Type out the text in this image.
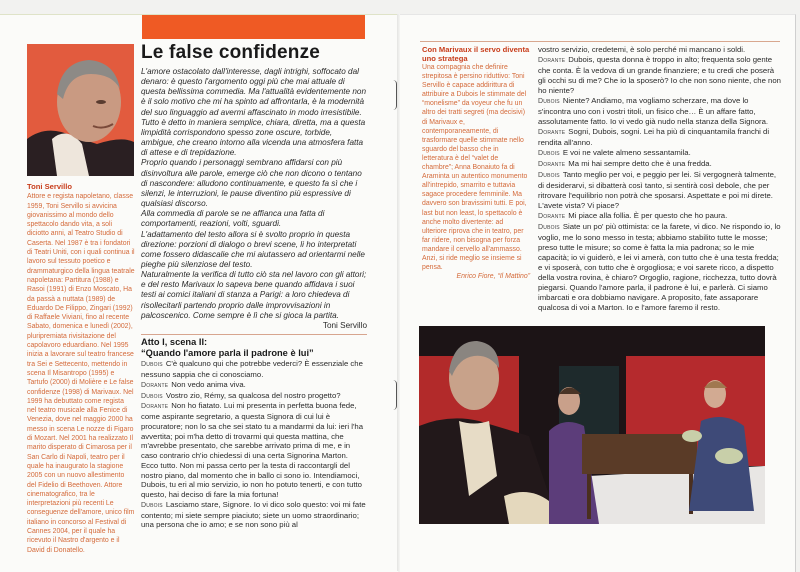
Le false confidenze

L'amore ostacolato dall'interesse, dagli intrighi, soffocato dal denaro: è questo l'argomento oggi più che mai attuale di questa bellissima commedia. Ma l'attualità evidentemente non è il solo motivo che mi ha spinto ad affrontarla, è la modernità del suo linguaggio ad avermi affascinato in modo irresistibile.

Tutto è detto in maniera semplice, chiara, diretta, ma a questa limpidità corrispondono spesso zone oscure, torbide, ambigue, che creano intorno alla vicenda una atmosfera fatta di attese e di trepidazione.

Proprio quando i personaggi sembrano affidarsi con più disinvoltura alle parole, emerge ciò che non dicono o tentano di nascondere: alludono continuamente, e questo fa sì che i silenzi, le interruzioni, le pause diventino più espressive di qualsiasi discorso.

Alla commedia di parole se ne affianca una fatta di comportamenti, reazioni, volti, sguardi.

L'adattamento del testo allora si è svolto proprio in questa direzione: porzioni di dialogo o brevi scene, li ho interpretati come fossero didascalie che mi aiutassero ad orientarmi nelle pieghe più silenziose del testo.

Naturalmente la verifica di tutto ciò sta nel lavoro con gli attori; e del resto Marivaux lo sapeva bene quando affidava i suoi testi ai comici italiani di stanza a Parigi: a loro chiedeva di risollecitarli partendo proprio dalle improvvisazioni in palcoscenico. Come sempre è lì che si gioca la partita.

Toni Servillo

Atto I, scena II:
“Quando l'amore parla il padrone è lui”

Dubois C'è qualcuno qui che potrebbe vederci? È essenziale che nessuno sappia che ci conosciamo.

Dorante Non vedo anima viva.

Dubois Vostro zio, Rémy, sa qualcosa del nostro progetto?

Dorante Non ho fiatato. Lui mi presenta in perfetta buona fede, come aspirante segretario, a questa Signora di cui lui è procuratore; non lo sa che sei stato tu a mandarmi da lui: ieri l'ha avvertita; poi m'ha detto di trovarmi qui questa mattina, che m'avrebbe presentato, che sarebbe arrivato prima di me, e in caso contrario ch'io chiedessi di una certa Signorina Marton. Ecco tutto. Non mi passa certo per la testa di raccontargli del nostro piano, dal momento che in ballo ci sono io. Intendiamoci, Dubois, tu eri al mio servizio, io non ho potuto tenerti, e con tutto questo, hai deciso di fare la mia fortuna!

Dubois Lasciamo stare, Signore. Io vi dico solo questo: voi mi fate contento; mi siete sempre piaciuto; siete un uomo straordinario; una persona che io amo; e se non sono più al

Toni Servillo

Attore e regista napoletano, classe 1959, Toni Servillo si avvicina giovanissimo al mondo dello spettacolo dando vita, a soli diciotto anni, al Teatro Studio di Caserta. Nel 1987 è tra i fondatori di Teatri Uniti, con i quali continua il lavoro sul tessuto poetico e drammaturgico della lingua teatrale napoletana: Partitura (1988) e Rasoi (1991) di Enzo Moscato, Ha da passà a nuttata (1989) de Eduardo De Filippo, Zingari (1992) di Raffaele Viviani, fino al recente Sabato, domenica e lunedì (2002), pluripremiata rivisitazione del capolavoro eduardiano. Nel 1995 inizia a lavorare sul teatro francese tra Sei e Settecento, mettendo in scena Il Misantropo (1995) e Tartufo (2000) di Molière e Le false confidenze (1998) di Marivaux. Nel 1999 ha debuttato come regista nel teatro musicale alla Fenice di Venezia, dove nel maggio 2000 ha messo in scena Le nozze di Figaro di Mozart. Nel 2001 ha realizzato Il marito disperato di Cimarosa per il San Carlo di Napoli, teatro per il quale ha inaugurato la stagione 2005 con un nuovo allestimento del Fidelio di Beethoven. Attore cinematografico, tra le interpretazioni più recenti Le conseguenze dell'amore, unico film italiano in concorso al Festival di Cannes 2004, per il quale ha ricevuto il Nastro d'argento e il David di Donatello.

Con Marivaux il servo diventa uno stratega

Una compagnia che definire strepitosa è persino riduttivo: Toni Servillo è capace addirittura di attribuire a Dubois le stimmate del “monelisme” da voyeur che fu un altro dei tratti segreti (ma decisivi) di Marivaux e, contemporaneamente, di trasformare quelle stimmate nello sguardo del basso che in letteratura è del “valet de chambre”; Anna Bonaiuto fa di Araminta un autentico monumento all'intrepido, smarrito e tuttavia sagace procedere femminile. Ma davvero son bravissimi tutti. E poi, last but non least, lo spettacolo è anche molto divertente: ad ulteriore riprova che in teatro, per far ridere, non bisogna per forza mandare il cervello all'ammasso. Anzi, si ride meglio se insieme si pensa.

Enrico Fiore, “Il Mattino”

vostro servizio, credetemi, è solo perché mi mancano i soldi.

Dorante Dubois, questa donna è troppo in alto; frequenta solo gente che conta. È la vedova di un grande finanziere; e tu credi che poserà gli occhi su di me? Che io la sposerò? Io che non sono niente, che non ho niente?

Dubois Niente? Andiamo, ma vogliamo scherzare, ma dove lo s'incontra uno con i vostri titoli, un fisico che… È un affare fatto, assolutamente fatto. Io vi vedo già nudo nella stanza della Signora.

Dorante Sogni, Dubois, sogni. Lei ha più di cinquantamila franchi di rendita all'anno.

Dubois E voi ne valete almeno sessantamila.

Dorante Ma mi hai sempre detto che è una fredda.

Dubois Tanto meglio per voi, e peggio per lei. Si vergognerà talmente, di desiderarvi, si dibatterà così tanto, si sentirà così debole, che per ritrovare l'equilibrio non potrà che sposarsi. Aspettate e poi mi direte. L'avete vista? Vi piace?

Dorante Mi piace alla follia. È per questo che ho paura.

Dubois Siate un po' più ottimista: ce la farete, vi dico. Ne rispondo io, lo voglio, me lo sono messo in testa; abbiamo stabilito tutte le mosse; preso tutte le misure; so come è fatta la mia padrona; so le mie capacità; io vi guiderò, e lei vi amerà, con tutto che è una testa fredda; e vi sposerà, con tutto che è orgogliosa; e voi sarete ricco, a dispetto della vostra rovina, è chiaro? Orgoglio, ragione, ricchezza, tutto dovrà piegarsi. Quando l'amore parla, il padrone è lui, e parlerà. Ci siamo imbarcati e ora dobbiamo navigare. A proposito, fate assaporare qualcosa di voi a Marton. Io e l'amore faremo il resto.
